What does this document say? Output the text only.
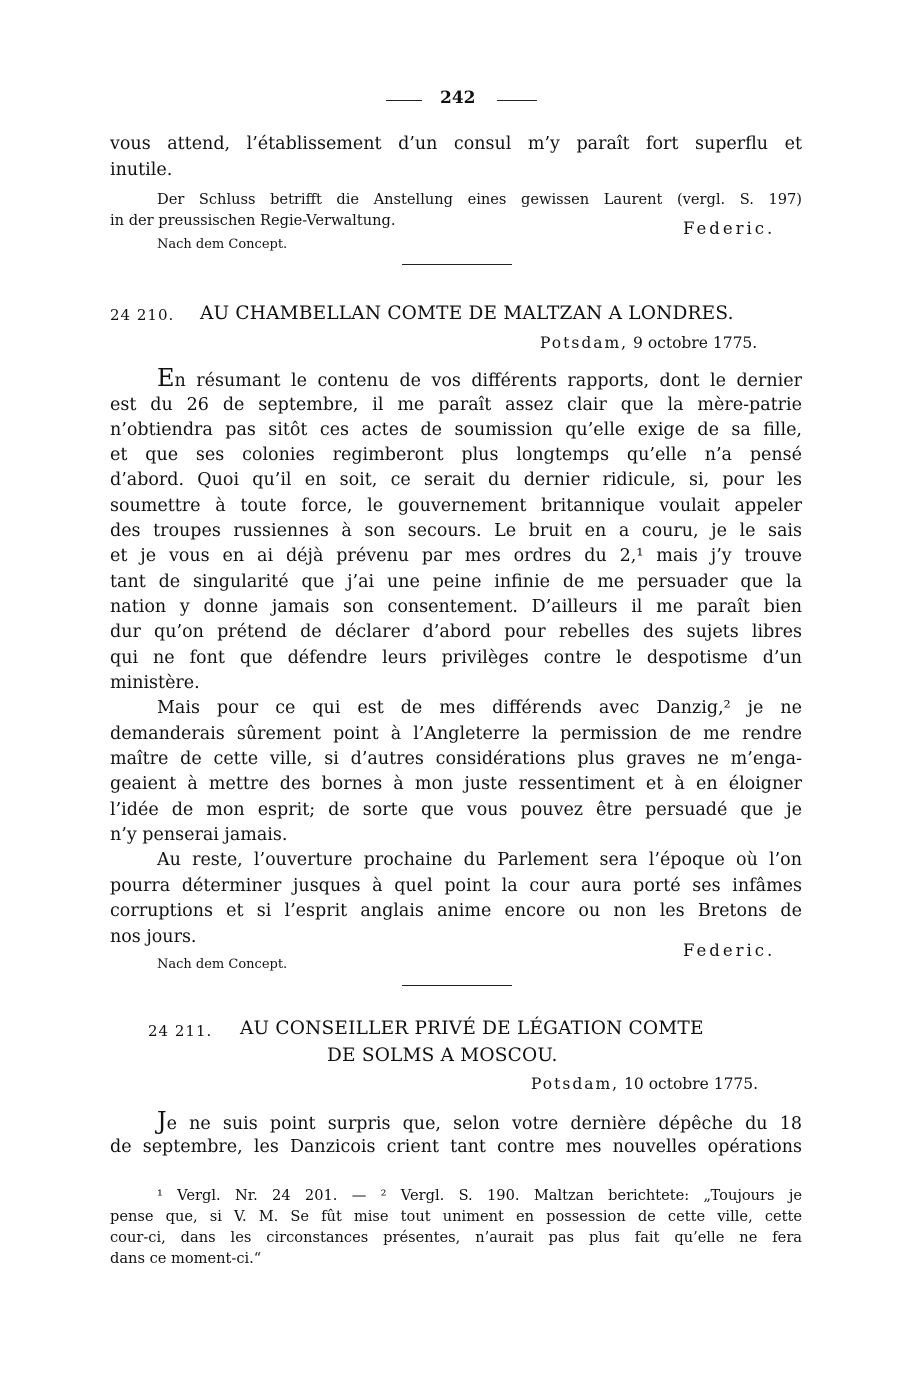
242
vous attend, l’établissement d’un consul m’y paraît fort superflu et
inutile.
Der Schluss betrifft die Anstellung eines gewissen Laurent (vergl. S. 197)
in der preussischen Regie-Verwaltung.	Federic.
Nach dem Concept.
24 210. AU CHAMBELLAN COMTE DE MALTZAN A LONDRES.
Potsdam, 9 octobre 1775.
En résumant le contenu de vos différents rapports, dont le dernier
est du 26 de septembre, il me paraît assez clair que la mère-patrie
n’obtiendra pas sitôt ces actes de soumission qu’elle exige de sa fille,
et que ses colonies regimberont plus longtemps qu’elle n’a pensé
d’abord. Quoi qu’il en soit, ce serait du dernier ridicule, si, pour les
soumettre à toute force, le gouvernement britannique voulait appeler
des troupes russiennes à son secours. Le bruit en a couru, je le sais
et je vous en ai déjà prévenu par mes ordres du 2,¹ mais j’y trouve
tant de singularité que j’ai une peine infinie de me persuader que la
nation y donne jamais son consentement. D’ailleurs il me paraît bien
dur qu’on prétend de déclarer d’abord pour rebelles des sujets libres
qui ne font que défendre leurs privilèges contre le despotisme d’un
ministère.
Mais pour ce qui est de mes différends avec Danzig,² je ne
demanderais sûrement point à l’Angleterre la permission de me rendre
maître de cette ville, si d’autres considérations plus graves ne m’enga-
geaient à mettre des bornes à mon juste ressentiment et à en éloigner
l’idée de mon esprit; de sorte que vous pouvez être persuadé que je
n’y penserai jamais.
Au reste, l’ouverture prochaine du Parlement sera l’époque où l’on
pourra déterminer jusques à quel point la cour aura porté ses infâmes
corruptions et si l’esprit anglais anime encore ou non les Bretons de
nos jours.
Federic.
Nach dem Concept.
24 211. AU CONSEILLER PRIVÉ DE LÉGATION COMTE
DE SOLMS A MOSCOU.
Potsdam, 10 octobre 1775.
Je ne suis point surpris que, selon votre dernière dépêche du 18
de septembre, les Danzicois crient tant contre mes nouvelles opérations
¹ Vergl. Nr. 24 201. — ² Vergl. S. 190. Maltzan berichtete: „Toujours je
pense que, si V. M. Se fût mise tout uniment en possession de cette ville, cette
cour-ci, dans les circonstances présentes, n’aurait pas plus fait qu’elle ne fera
dans ce moment-ci.“
